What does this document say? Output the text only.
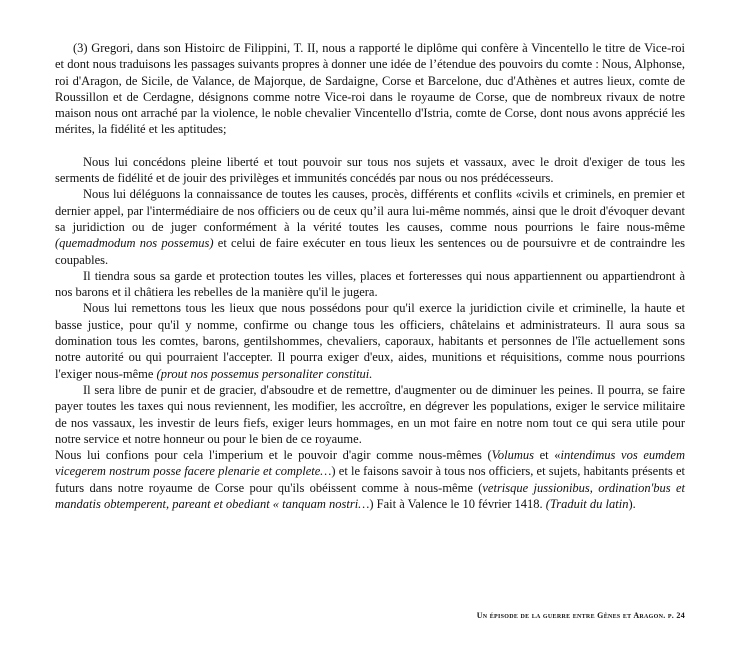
(3) Gregori, dans son Histoirc de Filippini, T. II, nous a rapporté le diplôme qui confère à Vincentello le titre de Vice-roi et dont nous traduisons les passages suivants propres à donner une idée de l’étendue des pouvoirs du comte : Nous, Alphonse, roi d'Aragon, de Sicile, de Valance, de Majorque, de Sardaigne, Corse et Barcelone, duc d'Athènes et autres lieux, comte de Roussillon et de Cerdagne, désignons comme notre Vice-roi dans le royaume de Corse, que de nombreux rivaux de notre maison nous ont arraché par la violence, le noble chevalier Vincentello d'Istria, comte de Corse, dont nous avons apprécié les mérites, la fidélité et les aptitudes;

Nous lui concédons pleine liberté et tout pouvoir sur tous nos sujets et vassaux, avec le droit d'exiger de tous les serments de fidélité et de jouir des privilèges et immunités concédés par nous ou nos prédécesseurs.

Nous lui déléguons la connaissance de toutes les causes, procès, différents et conflits «civils et criminels, en premier et dernier appel, par l'intermédiaire de nos officiers ou de ceux qu’il aura lui-même nommés, ainsi que le droit d'évoquer devant sa juridiction ou de juger conformément à la vérité toutes les causes, comme nous pourrions le faire nous-même (quemadmodum nos possemus) et celui de faire exécuter en tous lieux les sentences ou de poursuivre et de contraindre les coupables.

Il tiendra sous sa garde et protection toutes les villes, places et forteresses qui nous appartiennent ou appartiendront à nos barons et il châtiera les rebelles de la manière qu'il le jugera.

Nous lui remettons tous les lieux que nous possédons pour qu'il exerce la juridiction civile et criminelle, la haute et basse justice, pour qu'il y nomme, confirme ou change tous les officiers, châtelains et administrateurs. Il aura sous sa domination tous les comtes, barons, gentilshommes, chevaliers, caporaux, habitants et personnes de l'île actuellement sons notre autorité ou qui pourraient l'accepter. Il pourra exiger d'eux, aides, munitions et réquisitions, comme nous pourrions l'exiger nous-même (prout nos possemus personaliter constitui.

Il sera libre de punir et de gracier, d'absoudre et de remettre, d'augmenter ou de diminuer les peines. Il pourra, se faire payer toutes les taxes qui nous reviennent, les modifier, les accroître, en dégrever les populations, exiger le service militaire de nos vassaux, les investir de leurs fiefs, exiger leurs hommages, en un mot faire en notre nom tout ce qui sera utile pour notre service et notre honneur ou pour le bien de ce royaume.

Nous lui confions pour cela l'imperium et le pouvoir d'agir comme nous-mêmes (Volumus et «intendimus vos eumdem vicegerem nostrum posse facere plenarie et complete…) et le faisons savoir à tous nos officiers, et sujets, habitants présents et futurs dans notre royaume de Corse pour qu'ils obéissent comme à nous-même (vetrisque jussionibus, ordination'bus et mandatis obtemperent, pareant et obediant « tanquam nostri…) Fait à Valence le 10 février 1418. (Traduit du latin).

Un épisode de la guerre entre Gênes et Aragon. p. 24
